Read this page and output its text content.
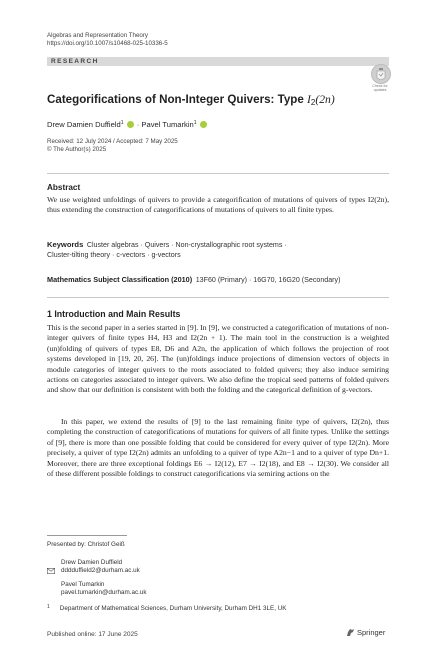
Algebras and Representation Theory
https://doi.org/10.1007/s10468-025-10336-5
RESEARCH
Check for
updates
Categorifications of Non-Integer Quivers: Type I2(2n)
Drew Damien Duffield$^1$ · Pavel Tumarkin$^1$
Received: 12 July 2024 / Accepted: 7 May 2025
© The Author(s) 2025
Abstract
We use weighted unfoldings of quivers to provide a categorification of mutations of quivers of types I2(2n), thus extending the construction of categorifications of mutations of quivers to all finite types.
Keywords Cluster algebras · Quivers · Non-crystallographic root systems ·
Cluster-tilting theory · c-vectors · g-vectors
Mathematics Subject Classification (2010) 13F60 (Primary) · 16G70, 16G20 (Secondary)
1 Introduction and Main Results
This is the second paper in a series started in [9]. In [9], we constructed a categorification of mutations of non-integer quivers of finite types H4, H3 and I2(2n + 1). The main tool in the construction is a weighted (un)folding of quivers of types E8, D6 and A2n, the application of which follows the projection of root systems developed in [19, 20, 26]. The (un)foldings induce projections of dimension vectors of objects in module categories of integer quivers to the roots associated to folded quivers; they also induce semiring actions on categories associated to integer quivers. We also define the tropical seed patterns of folded quivers and show that our definition is consistent with both the folding and the categorical definition of g-vectors.
In this paper, we extend the results of [9] to the last remaining finite type of quivers, I2(2n), thus completing the construction of categorifications of mutations for quivers of all finite types. Unlike the settings of [9], there is more than one possible folding that could be considered for every quiver of type I2(2n). More precisely, a quiver of type I2(2n) admits an unfolding to a quiver of type A2n−1 and to a quiver of type Dn+1. Moreover, there are three exceptional foldings E6 → I2(12), E7 → I2(18), and E8 → I2(30). We consider all of these different possible foldings to construct categorifications via semiring actions on the
Presented by: Christof Geiß
Drew Damien Duffield
dddduffield2@durham.ac.uk
Pavel Tumarkin
pavel.tumarkin@durham.ac.uk
$^1$ Department of Mathematical Sciences, Durham University, Durham DH1 3LE, UK
Published online: 17 June 2025	Springer
